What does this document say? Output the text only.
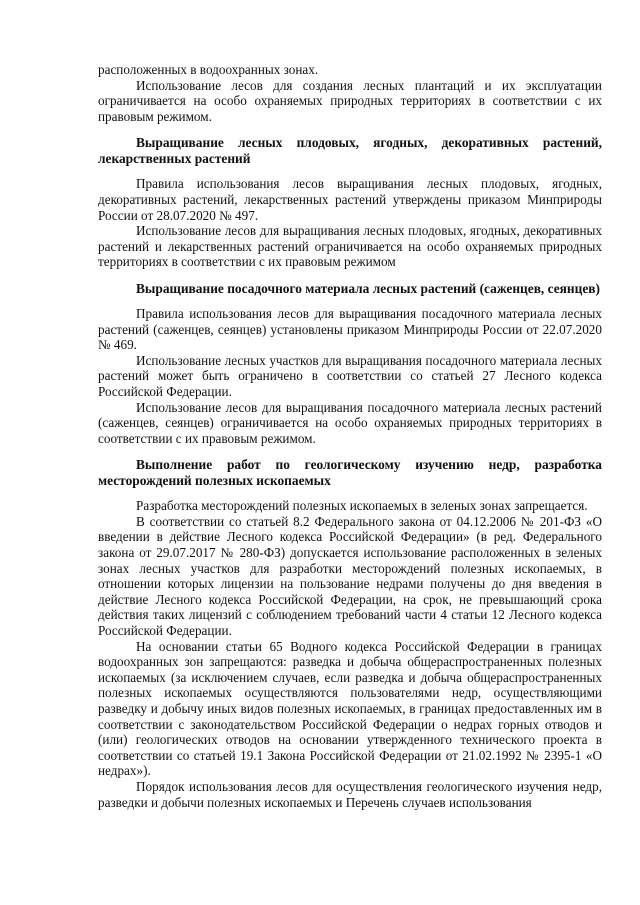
расположенных в водоохранных зонах.

Использование лесов для создания лесных плантаций и их эксплуатации ограничивается на особо охраняемых природных территориях в соответствии с их правовым режимом.

Выращивание лесных плодовых, ягодных, декоративных растений, лекарственных растений

Правила использования лесов выращивания лесных плодовых, ягодных, декоративных растений, лекарственных растений утверждены приказом Минприроды России от 28.07.2020 № 497.

Использование лесов для выращивания лесных плодовых, ягодных, декоративных растений и лекарственных растений ограничивается на особо охраняемых природных территориях в соответствии с их правовым режимом

Выращивание посадочного материала лесных растений (саженцев, сеянцев)

Правила использования лесов для выращивания посадочного материала лесных растений (саженцев, сеянцев) установлены приказом Минприроды России от 22.07.2020 № 469.

Использование лесных участков для выращивания посадочного материала лесных растений может быть ограничено в соответствии со статьей 27 Лесного кодекса Российской Федерации.

Использование лесов для выращивания посадочного материала лесных растений (саженцев, сеянцев) ограничивается на особо охраняемых природных территориях в соответствии с их правовым режимом.

Выполнение работ по геологическому изучению недр, разработка месторождений полезных ископаемых

Разработка месторождений полезных ископаемых в зеленых зонах запрещается.

В соответствии со статьей 8.2 Федерального закона от 04.12.2006 № 201-ФЗ «О введении в действие Лесного кодекса Российской Федерации» (в ред. Федерального закона от 29.07.2017 № 280-ФЗ) допускается использование расположенных в зеленых зонах лесных участков для разработки месторождений полезных ископаемых, в отношении которых лицензии на пользование недрами получены до дня введения в действие Лесного кодекса Российской Федерации, на срок, не превышающий срока действия таких лицензий с соблюдением требований части 4 статьи 12 Лесного кодекса Российской Федерации.

На основании статьи 65 Водного кодекса Российской Федерации в границах водоохранных зон запрещаются: разведка и добыча общераспространенных полезных ископаемых (за исключением случаев, если разведка и добыча общераспространенных полезных ископаемых осуществляются пользователями недр, осуществляющими разведку и добычу иных видов полезных ископаемых, в границах предоставленных им в соответствии с законодательством Российской Федерации о недрах горных отводов и (или) геологических отводов на основании утвержденного технического проекта в соответствии со статьей 19.1 Закона Российской Федерации от 21.02.1992 № 2395-1 «О недрах»).

Порядок использования лесов для осуществления геологического изучения недр, разведки и добычи полезных ископаемых и Перечень случаев использования
